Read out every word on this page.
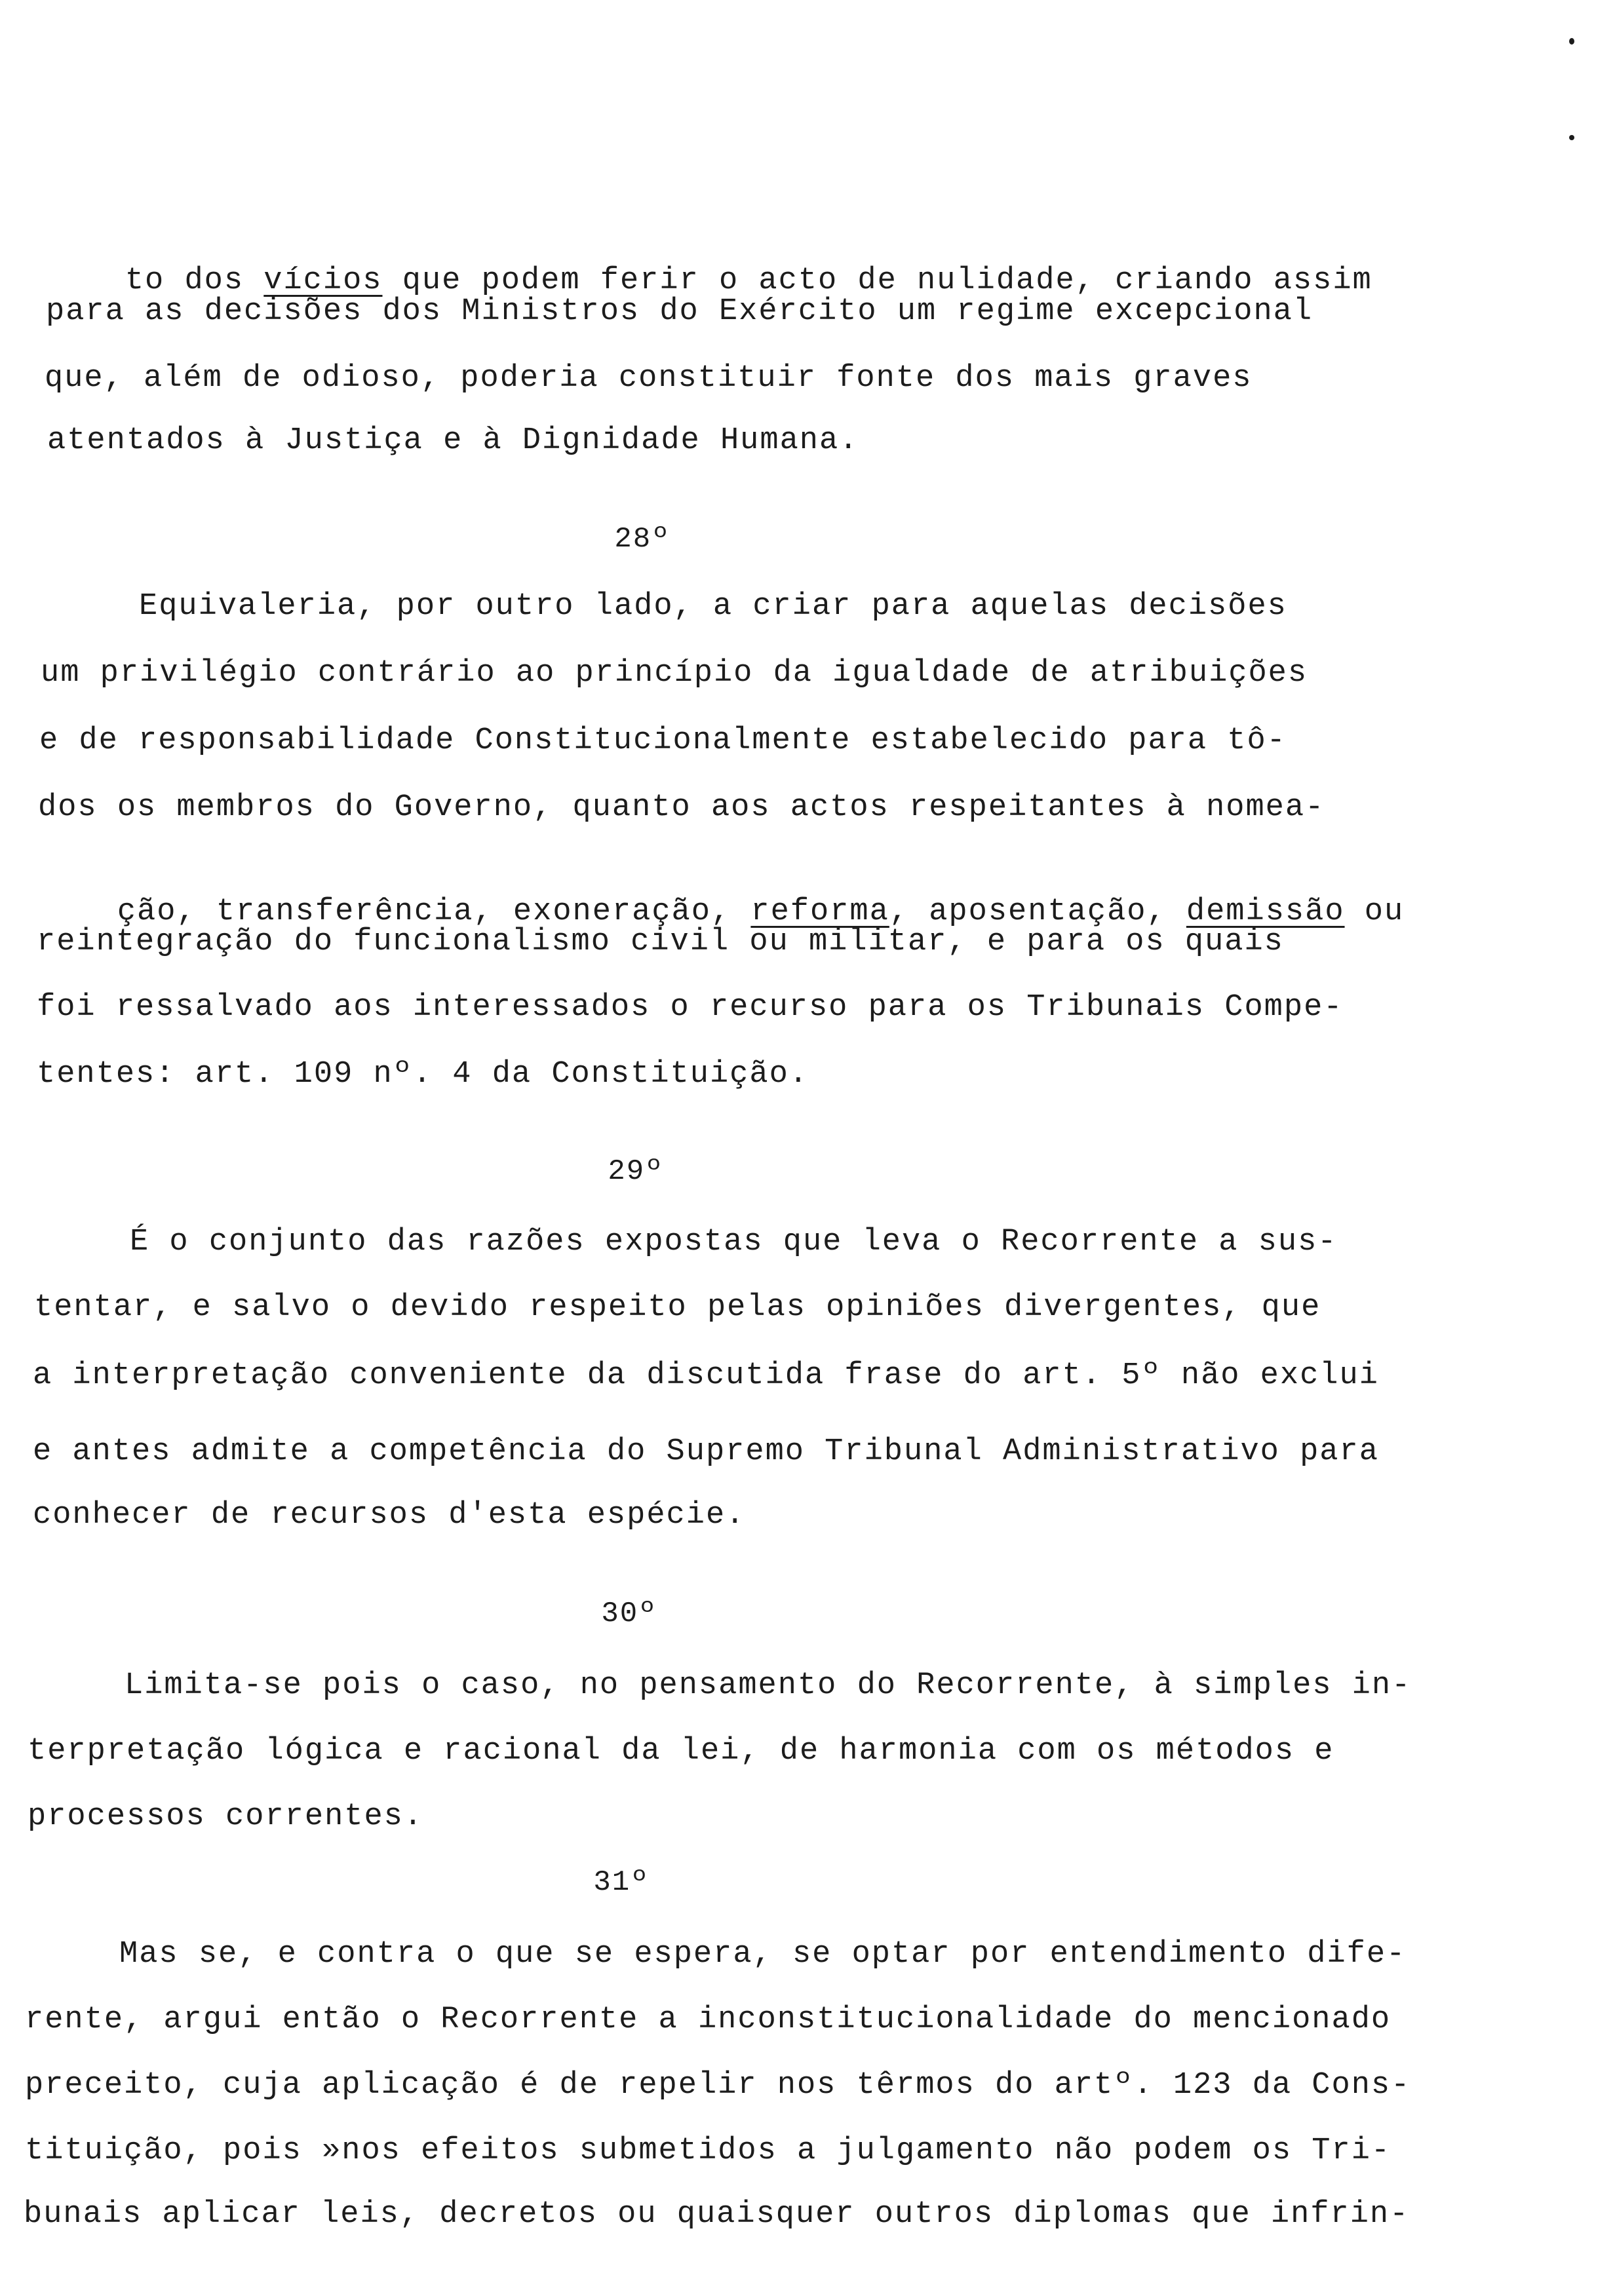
to dos vícios que podem ferir o acto de nulidade, criando assim

para as decisões dos Ministros do Exército um regime excepcional
que, além de odioso, poderia constituir fonte dos mais graves
atentados à Justiça e à Dignidade Humana.
28º
Equivaleria, por outro lado, a criar para aquelas decisões
um privilégio contrário ao princípio da igualdade de atribuições
e de responsabilidade Constitucionalmente estabelecido para tô-
dos os membros do Governo, quanto aos actos respeitantes à nomea-

ção, transferência, exoneração, reforma, aposentação, demissão ou

reintegração do funcionalismo civil ou militar, e para os quais
foi ressalvado aos interessados o recurso para os Tribunais Compe-
tentes: art. 109 nº. 4 da Constituição.
29º
É o conjunto das razões expostas que leva o Recorrente a sus-
tentar, e salvo o devido respeito pelas opiniões divergentes, que
a interpretação conveniente da discutida frase do art. 5º não exclui
e antes admite a competência do Supremo Tribunal Administrativo para
conhecer de recursos d'esta espécie.
30º
Limita-se pois o caso, no pensamento do Recorrente, à simples in-
terpretação lógica e racional da lei, de harmonia com os métodos e
processos correntes.
31º
Mas se, e contra o que se espera, se optar por entendimento dife-
rente, argui então o Recorrente a inconstitucionalidade do mencionado
preceito, cuja aplicação é de repelir nos têrmos do artº. 123 da Cons-
tituição, pois »nos efeitos submetidos a julgamento não podem os Tri-
bunais aplicar leis, decretos ou quaisquer outros diplomas que infrin-
